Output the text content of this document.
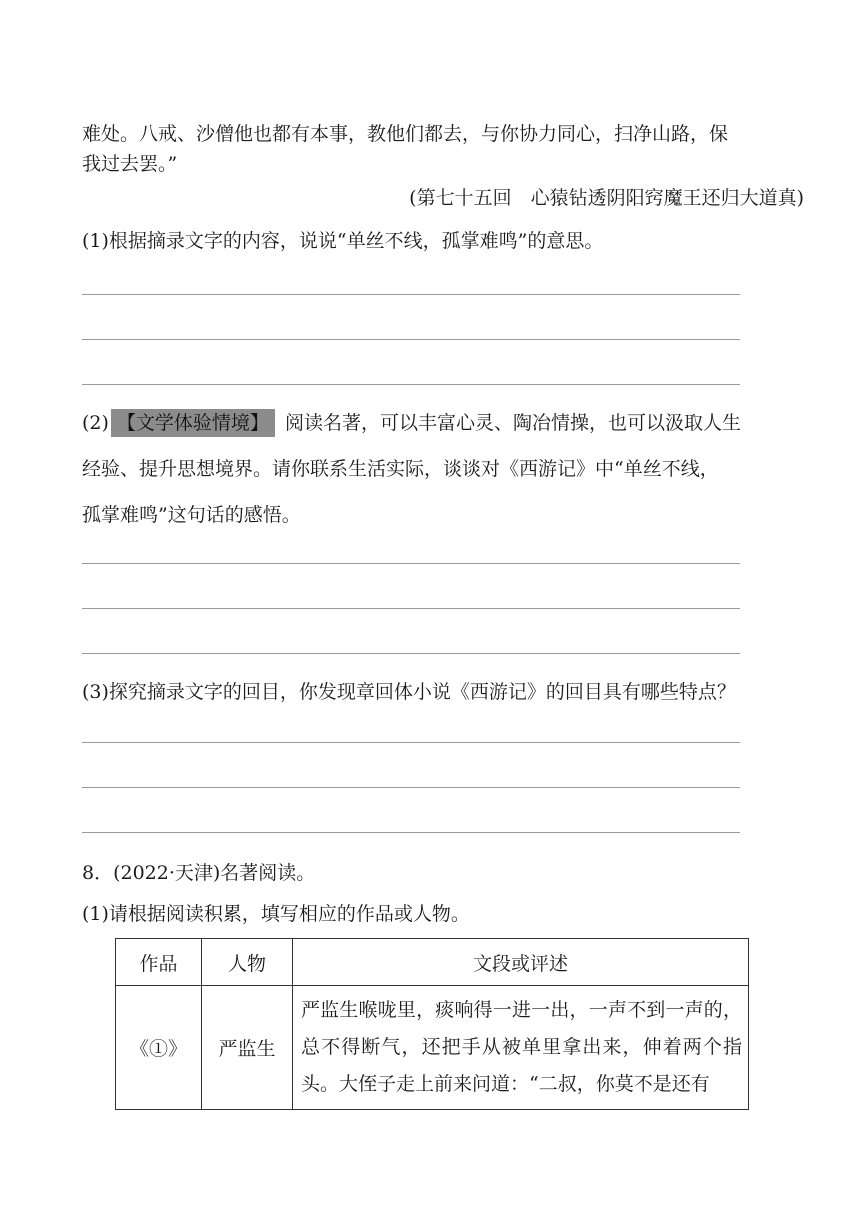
难处。八戒、沙僧他也都有本事，教他们都去，与你协力同心，扫净山路，保
我过去罢。”
(第七十五回　心猿钻透阴阳窍魔王还归大道真)
(1)根据摘录文字的内容，说说“单丝不线，孤掌难鸣”的意思。
(2) 【文学体验情境】 阅读名著，可以丰富心灵、陶冶情操，也可以汲取人生
经验、提升思想境界。请你联系生活实际，谈谈对《西游记》中“单丝不线，
孤掌难鸣”这句话的感悟。
(3)探究摘录文字的回目，你发现章回体小说《西游记》的回目具有哪些特点？
8．(2022·天津)名著阅读。
(1)请根据阅读积累，填写相应的作品或人物。
作品	人物	文段或评述
《①》	严监生	严监生喉咙里，痰响得一进一出，一声不到一声的，总不得断气，还把手从被单里拿出来，伸着两个指头。大侄子走上前来问道：“二叔，你莫不是还有
